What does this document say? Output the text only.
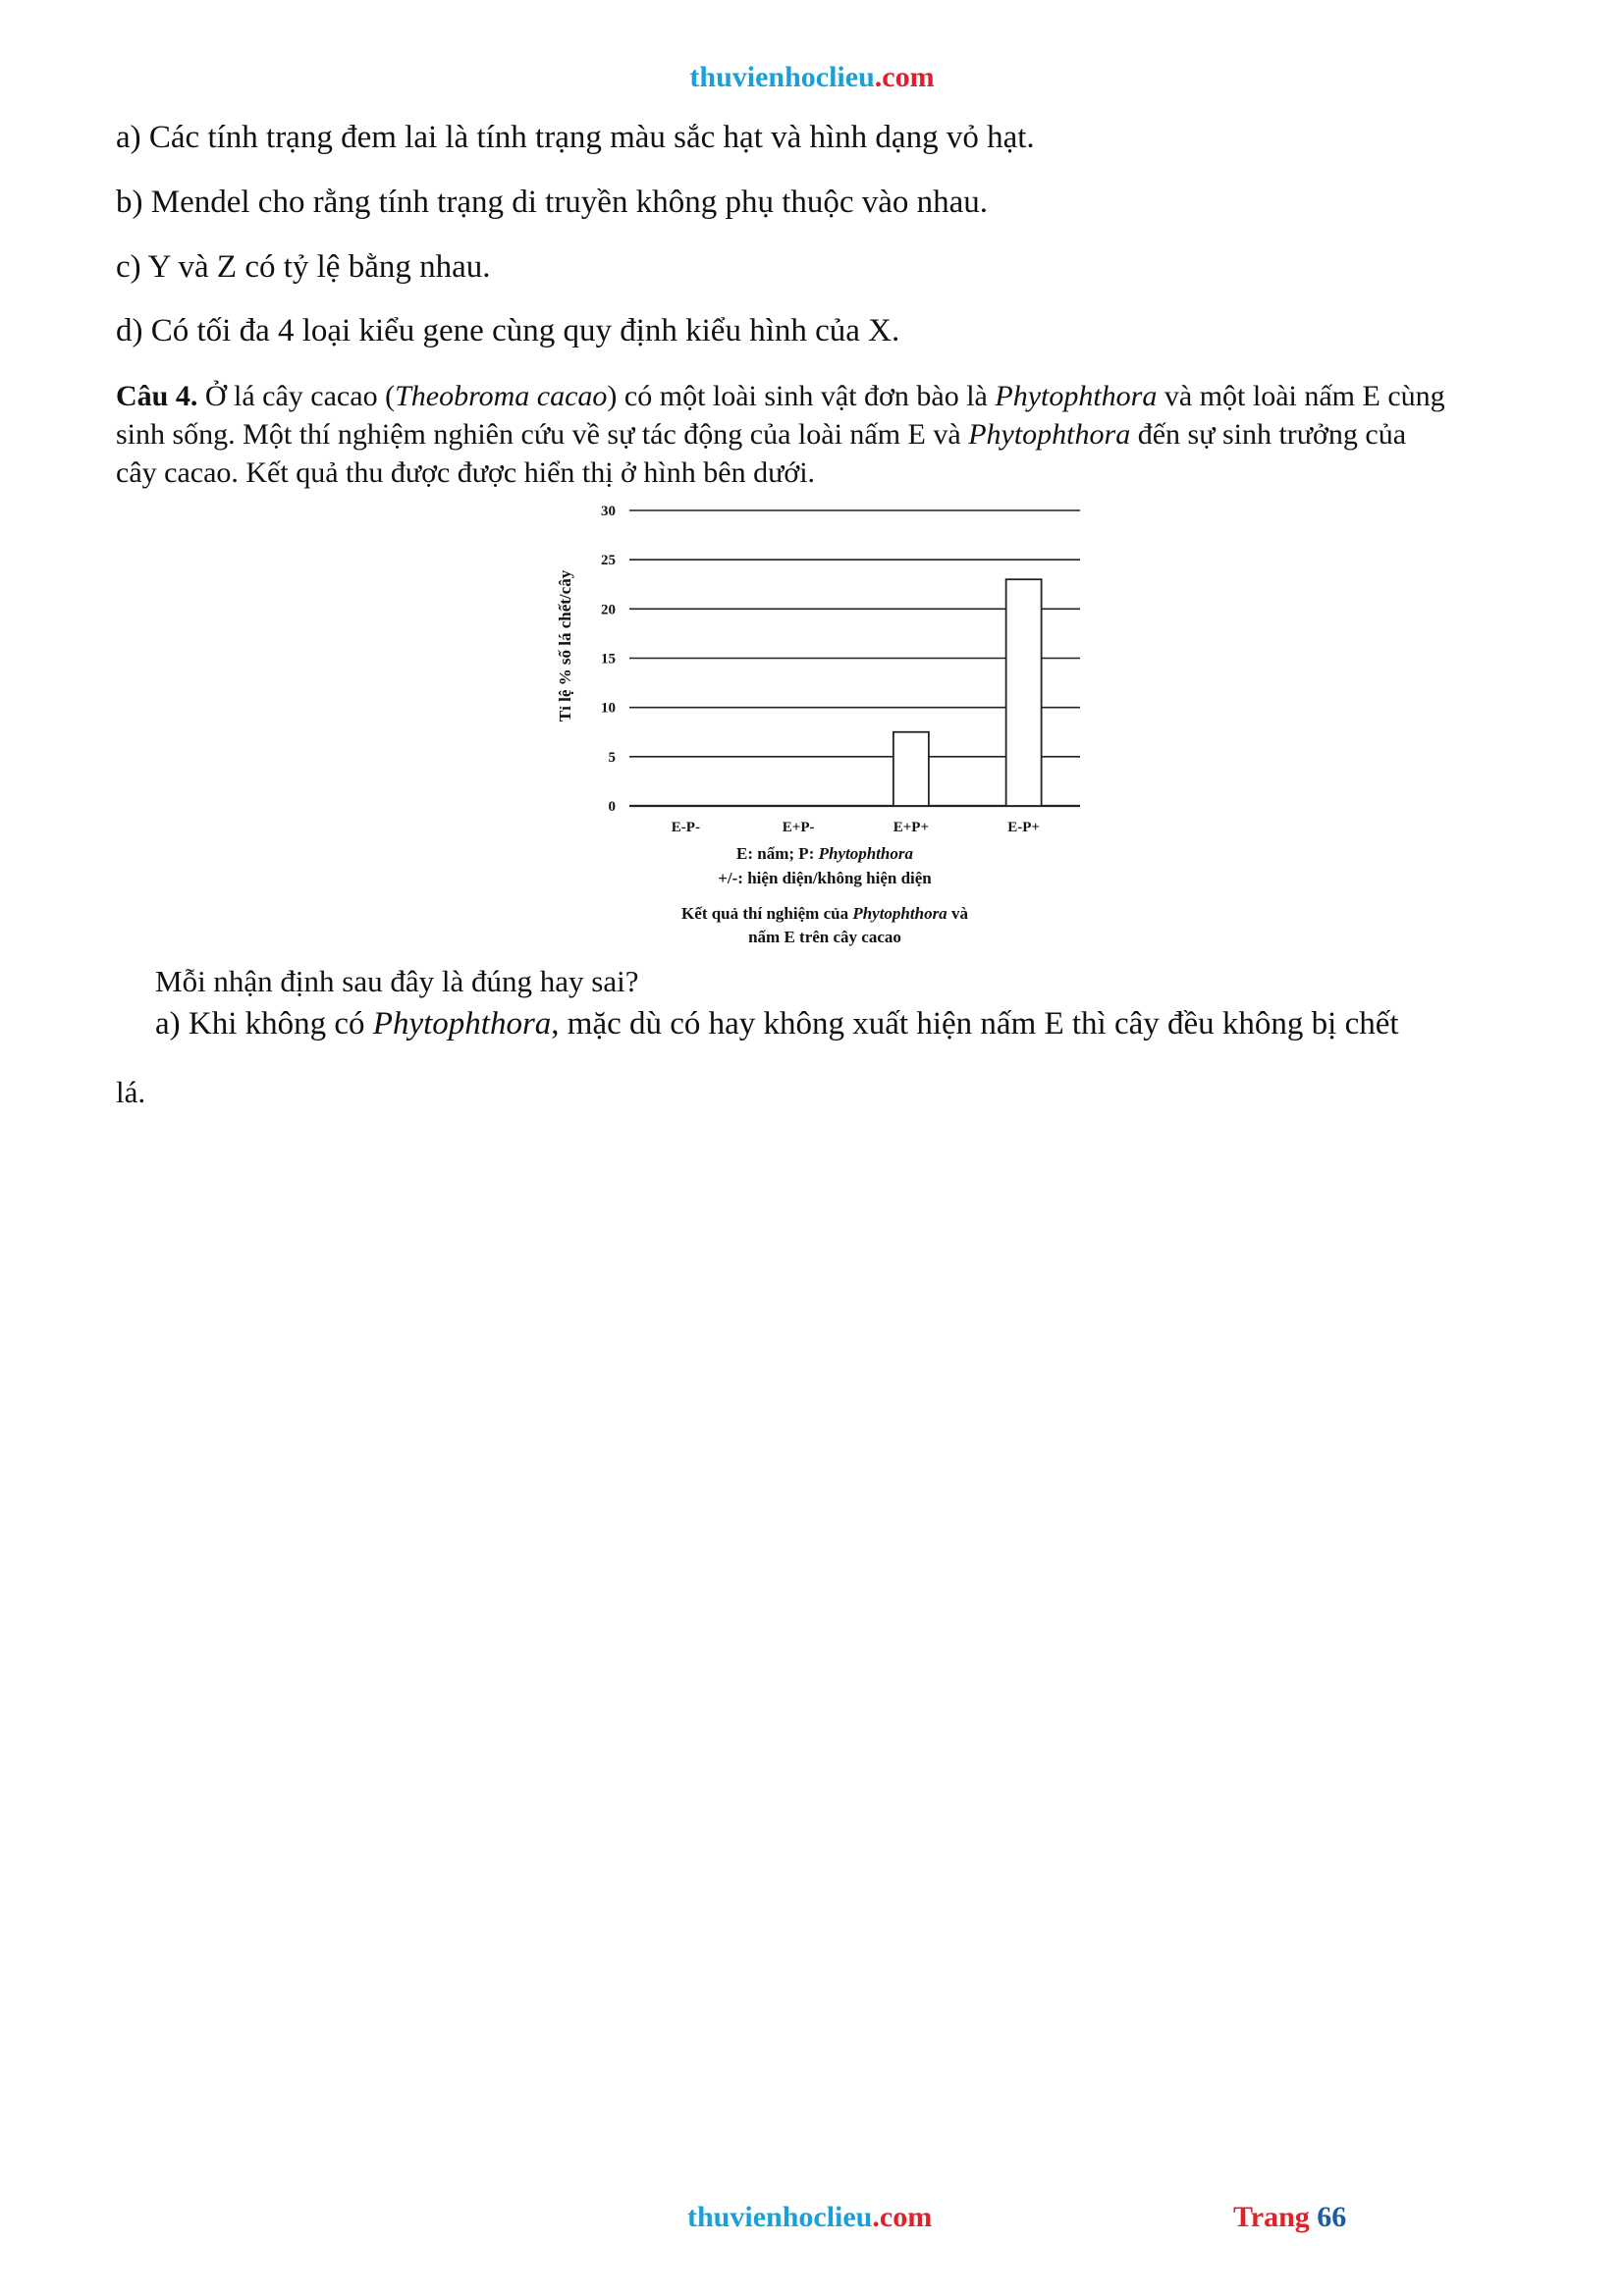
thuvienhoclieu.com
a) Các tính trạng đem lai là tính trạng màu sắc hạt và hình dạng vỏ hạt.
b) Mendel cho rằng tính trạng di truyền không phụ thuộc vào nhau.
c) Y và Z có tỷ lệ bằng nhau.
d) Có tối đa 4 loại kiểu gene cùng quy định kiểu hình của X.
Câu 4. Ở lá cây cacao (Theobroma cacao) có một loài sinh vật đơn bào là Phytophthora và một loài nấm E cùng sinh sống. Một thí nghiệm nghiên cứu về sự tác động của loài nấm E và Phytophthora đến sự sinh trưởng của cây cacao. Kết quả thu được được hiển thị ở hình bên dưới.
0
5
10
15
20
25
30
E-P-	E+P-	E+P+	E-P+
Tỉ lệ % số lá chết/cây
E: nấm; P: Phytophthora
+/-: hiện diện/không hiện diện
Kết quả thí nghiệm của Phytophthora và
nấm E trên cây cacao
Mỗi nhận định sau đây là đúng hay sai?
a) Khi không có Phytophthora, mặc dù có hay không xuất hiện nấm E thì cây đều không bị chết
lá.
thuvienhoclieu.com	Trang 66
